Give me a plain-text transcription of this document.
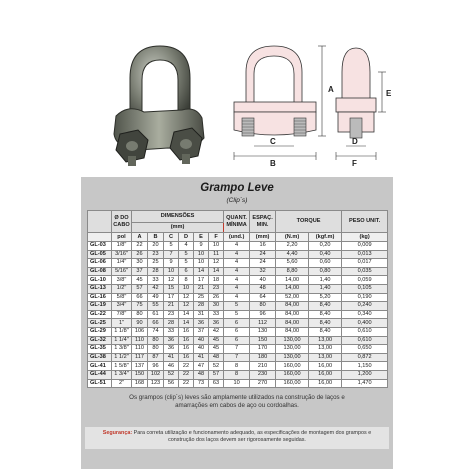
A
C
B
E
D
F
Grampo Leve
(Clip´s)
	Ø DO CABO	DIMENSÕES						QUANT. MÍNIMA	ESPAÇ. MIN.	TORQUE		PESO UNIT.
		(mm)										
	pol	A	B	C	D	E	F	(und.)	(mm)	(N.m)	(kgf.m)	(kg)
GL-03	1/8"	22	20	5	4	9	10	4	16	2,20	0,20	0,009
GL-05	3/16"	26	23	7	5	10	11	4	24	4,40	0,40	0,013
GL-06	1/4"	30	25	9	5	10	12	4	24	5,60	0,60	0,017
GL-08	5/16"	37	28	10	6	14	14	4	32	8,80	0,80	0,035
GL-10	3/8"	45	33	12	8	17	18	4	40	14,00	1,40	0,059
GL-13	1/2"	57	42	15	10	21	23	4	48	14,00	1,40	0,105
GL-16	5/8"	66	49	17	12	25	26	4	64	52,00	5,20	0,190
GL-19	3/4"	75	55	21	12	28	30	5	80	84,00	8,40	0,240
GL-22	7/8"	80	61	23	14	31	33	5	96	84,00	8,40	0,340
GL-25	1"	90	66	28	14	36	36	6	112	84,00	8,40	0,400
GL-29	1 1/8"	106	74	33	16	37	42	6	130	84,00	8,40	0,610
GL-32	1 1/4"	110	80	36	16	40	45	6	150	130,00	13,00	0,610
GL-35	1 3/8"	110	80	36	16	40	45	7	170	130,00	13,00	0,650
GL-38	1 1/2"	117	87	41	16	41	48	7	180	130,00	13,00	0,872
GL-41	1 5/8"	137	96	46	22	47	52	8	210	160,00	16,00	1,150
GL-44	1 3/4"	150	102	52	22	48	57	8	230	160,00	16,00	1,200
GL-51	2"	168	123	56	22	73	63	10	270	160,00	16,00	1,470
Os grampos (clip´s) leves são amplamente utilizados na construção de laços e
amarrações em cabos de aço ou cordoalhas.
Segurança: Para correta utilização e funcionamento adequado, as especificações de montagem dos grampos e
construção dos laços devem ser rigorosamente seguidas.
